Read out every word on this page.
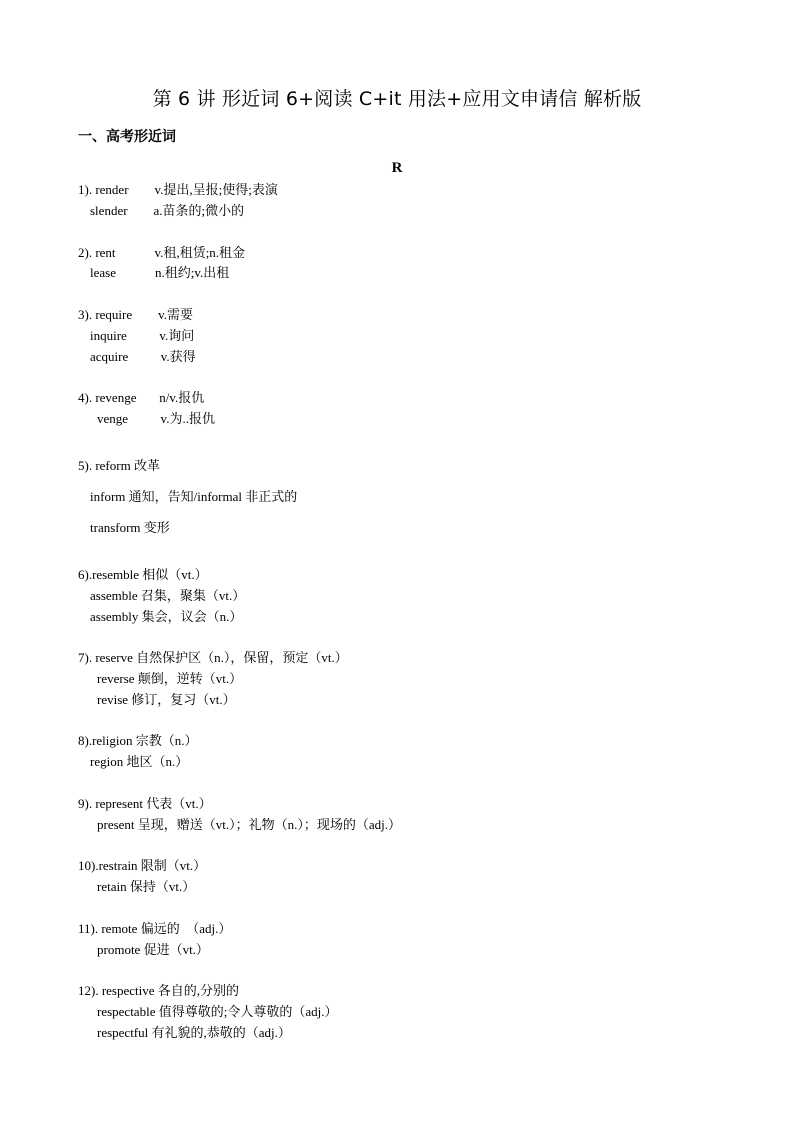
第 6 讲 形近词 6+阅读 C+it 用法+应用文申请信 解析版
一、高考形近词
R
1). render        v.提出,呈报;使得;表演
slender        a.苗条的;微小的
2). rent            v.租,租赁;n.租金
lease            n.租约;v.出租
3). require        v.需要
inquire          v.询问
acquire          v.获得
4). revenge       n/v.报仇
venge          v.为..报仇
5). reform 改革
inform 通知，告知/informal 非正式的
transform 变形
6).resemble 相似（vt.）
assemble 召集，聚集（vt.）
assembly 集会，议会（n.）
7). reserve 自然保护区（n.），保留，预定（vt.）
reverse 颠倒，逆转（vt.）
revise 修订，复习（vt.）
8).religion 宗教（n.）
region 地区（n.）
9). represent 代表（vt.）
present 呈现，赠送（vt.）；礼物（n.）；现场的（adj.）
10).restrain 限制（vt.）
retain 保持（vt.）
11). remote 偏远的  （adj.）
promote 促进（vt.）
12). respective 各自的,分别的
respectable 值得尊敬的;令人尊敬的（adj.）
respectful 有礼貌的,恭敬的（adj.）
